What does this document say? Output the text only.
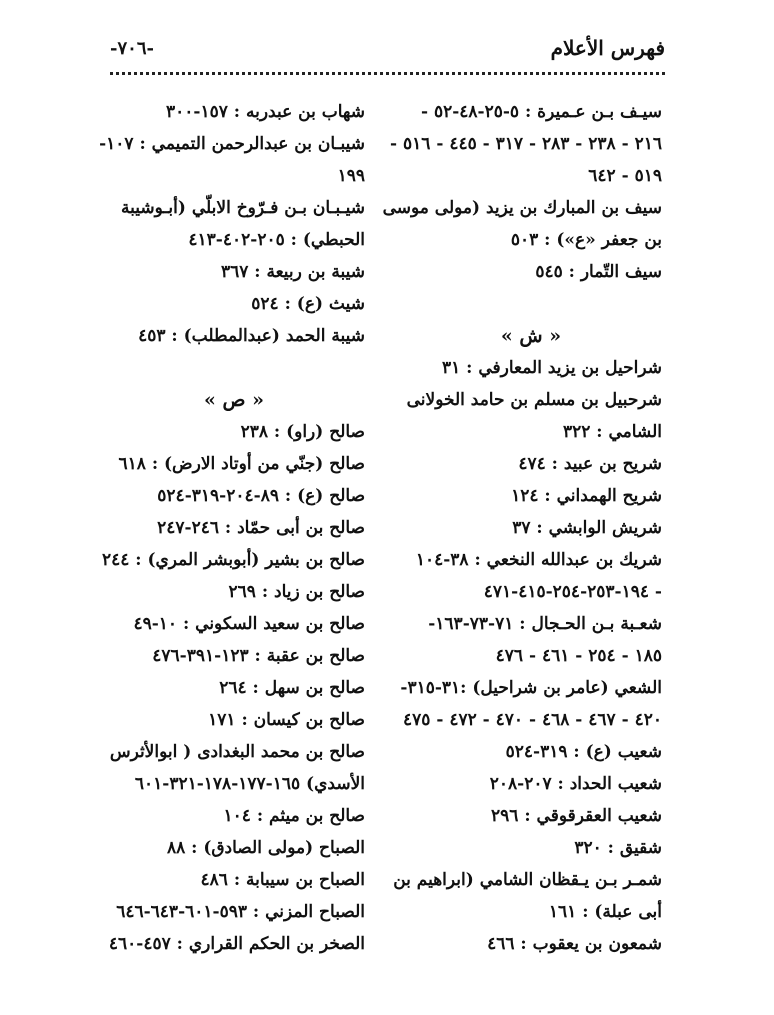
فهرس الأعلام
-٧٠٦-
سيـف بـن عـميرة : ٥-٢٥-٤٨-٥٢ -
٢١٦ - ٢٣٨ - ٢٨٣ - ٣١٧ - ٤٤٥ - ٥١٦ -
٥١٩ - ٦٤٢
سيف بن المبارك بن يزيد (مولى موسى
بن جعفر «ع») : ٥٠٣
سيف التّمار : ٥٤٥
« ش »
شراحيل بن يزيد المعارفي : ٣١
شرحبيل بن مسلم بن حامد الخولانى
الشامي : ٣٢٢
شريح بن عبيد : ٤٧٤
شريح الهمداني : ١٢٤
شريش الوابشي : ٣٧
شريك بن عبدالله النخعي : ٣٨-١٠٤
- ١٩٤-٢٥٣-٢٥٤-٤١٥-٤٧١
شعـبة بـن الحـجال : ٧١-٧٣-١٦٣-
١٨٥ - ٢٥٤ - ٤٦١ - ٤٧٦
الشعي (عامر بن شراحيل) :٣١-٣١٥-
٤٢٠ - ٤٦٧ - ٤٦٨ - ٤٧٠ - ٤٧٢ - ٤٧٥
شعيب (ع) : ٣١٩-٥٢٤
شعيب الحداد : ٢٠٧-٢٠٨
شعيب العقرقوقي : ٢٩٦
شقيق : ٣٢٠
شمـر بـن يـقظان الشامي (ابراهيم بن
أبى عبلة) : ١٦١
شمعون بن يعقوب : ٤٦٦
شهاب بن عبدربه : ١٥٧-٣٠٠
شيبـان بن عبدالرحمن التميمي : ١٠٧-
١٩٩
شيـبـان بـن فـرّوخ الابلّي (أبـوشيبة
الحبطي) : ٢٠٥-٤٠٢-٤١٣
شيبة بن ربيعة : ٣٦٧
شيث (ع) : ٥٢٤
شيبة الحمد (عبدالمطلب) : ٤٥٣
« ص »
صالح (راو) : ٢٣٨
صالح (جنّي من أوتاد الارض) : ٦١٨
صالح (ع) : ٨٩-٢٠٤-٣١٩-٥٢٤
صالح بن أبى حمّاد : ٢٤٦-٢٤٧
صالح بن بشير (أبوبشر المري) : ٢٤٤
صالح بن زياد : ٢٦٩
صالح بن سعيد السكوني : ١٠-٤٩
صالح بن عقبة : ١٢٣-٣٩١-٤٧٦
صالح بن سهل : ٢٦٤
صالح بن كيسان : ١٧١
صالح بن محمد البغدادى ( ابوالأثرس
الأسدي) ١٦٥-١٧٧-١٧٨-٣٢١-٦٠١
صالح بن ميثم : ١٠٤
الصباح (مولى الصادق) : ٨٨
الصباح بن سيبابة : ٤٨٦
الصباح المزني : ٥٩٣-٦٠١-٦٤٣-٦٤٦
الصخر بن الحكم القراري : ٤٥٧-٤٦٠
